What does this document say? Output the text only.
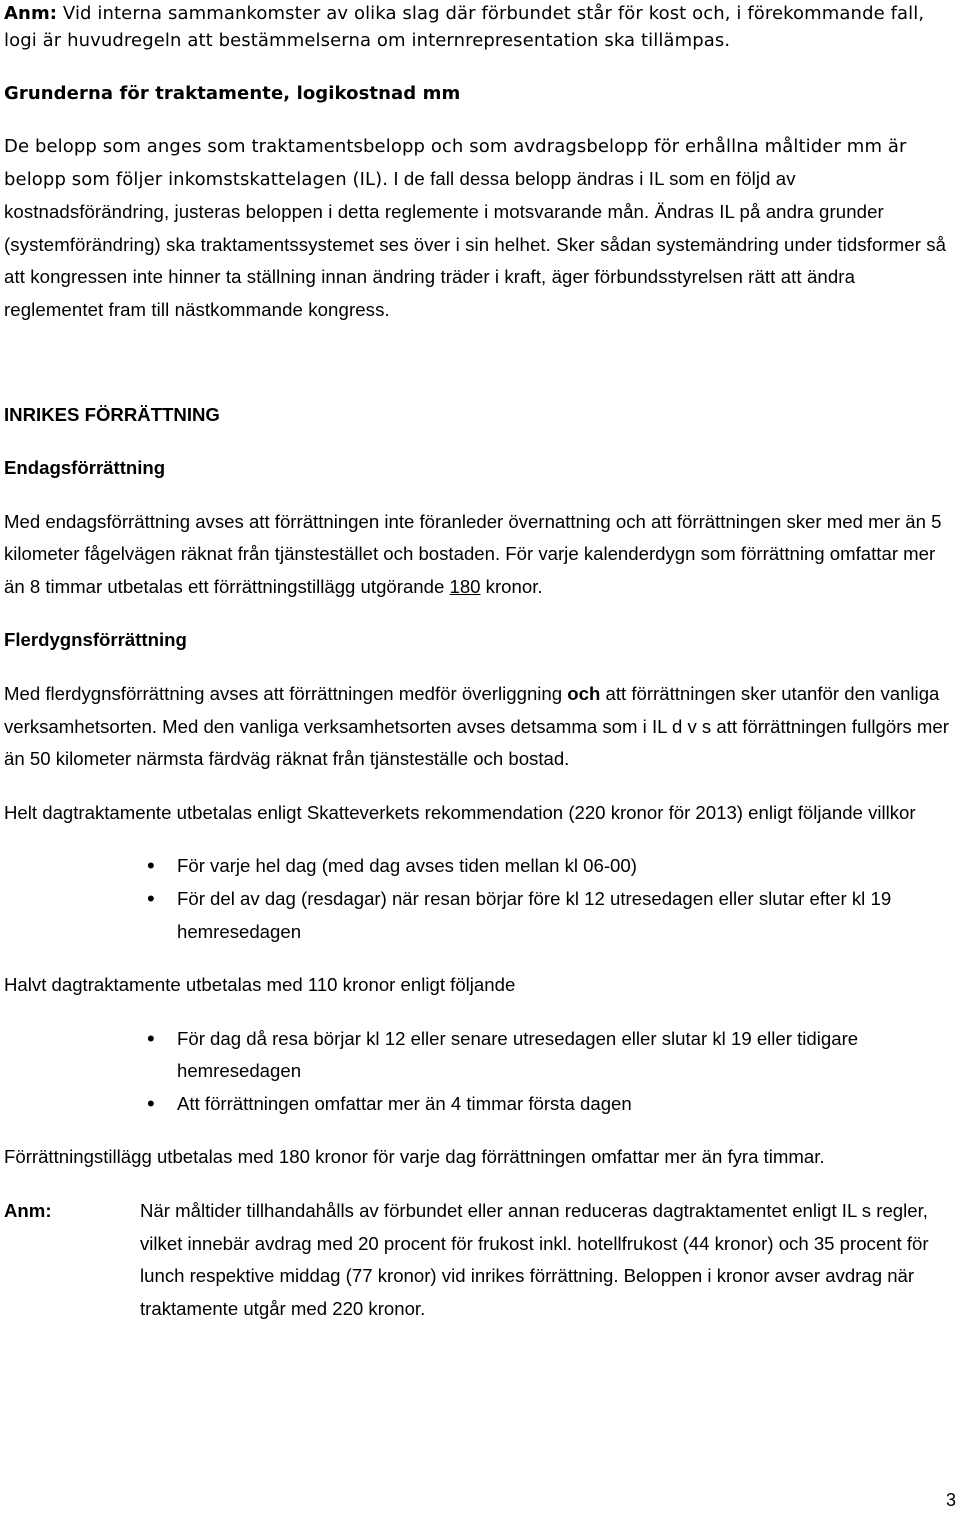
Anm: Vid interna sammankomster av olika slag där förbundet står för kost och, i förekommande fall, logi är huvudregeln att bestämmelserna om internrepresentation ska tillämpas.

Grunderna för traktamente, logikostnad mm

De belopp som anges som traktamentsbelopp och som avdragsbelopp för erhållna måltider mm är belopp som följer inkomstskattelagen (IL). I de fall dessa belopp ändras i IL som en följd av kostnadsförändring, justeras beloppen i detta reglemente i motsvarande mån. Ändras IL på andra grunder (systemförändring) ska traktamentssystemet ses över i sin helhet. Sker sådan systemändring under tidsformer så att kongressen inte hinner ta ställning innan ändring träder i kraft, äger förbundsstyrelsen rätt att ändra reglementet fram till nästkommande kongress.

INRIKES FÖRRÄTTNING

Endagsförrättning

Med endagsförrättning avses att förrättningen inte föranleder övernattning och att förrättningen sker med mer än 5 kilometer fågelvägen räknat från tjänstestället och bostaden. För varje kalenderdygn som förrättning omfattar mer än 8 timmar utbetalas ett förrättningstillägg utgörande 180 kronor.

Flerdygnsförrättning

Med flerdygnsförrättning avses att förrättningen medför överliggning och att förrättningen sker utanför den vanliga verksamhetsorten. Med den vanliga verksamhetsorten avses detsamma som i IL d v s att förrättningen fullgörs mer än 50 kilometer närmsta färdväg räknat från tjänsteställe och bostad.

Helt dagtraktamente utbetalas enligt Skatteverkets rekommendation (220 kronor för 2013) enligt följande villkor

• För varje hel dag (med dag avses tiden mellan kl 06-00)
• För del av dag (resdagar) när resan börjar före kl 12 utresedagen eller slutar efter kl 19 hemresedagen

Halvt dagtraktamente utbetalas med 110 kronor enligt följande

• För dag då resa börjar kl 12 eller senare utresedagen eller slutar kl 19 eller tidigare hemresedagen
• Att förrättningen omfattar mer än 4 timmar första dagen

Förrättningstillägg utbetalas med 180 kronor för varje dag förrättningen omfattar mer än fyra timmar.

Anm:	När måltider tillhandahålls av förbundet eller annan reduceras dagtraktamentet enligt IL s regler, vilket innebär avdrag med 20 procent för frukost inkl. hotellfrukost (44 kronor) och 35 procent för lunch respektive middag (77 kronor) vid inrikes förrättning. Beloppen i kronor avser avdrag när traktamente utgår med 220 kronor.
3
